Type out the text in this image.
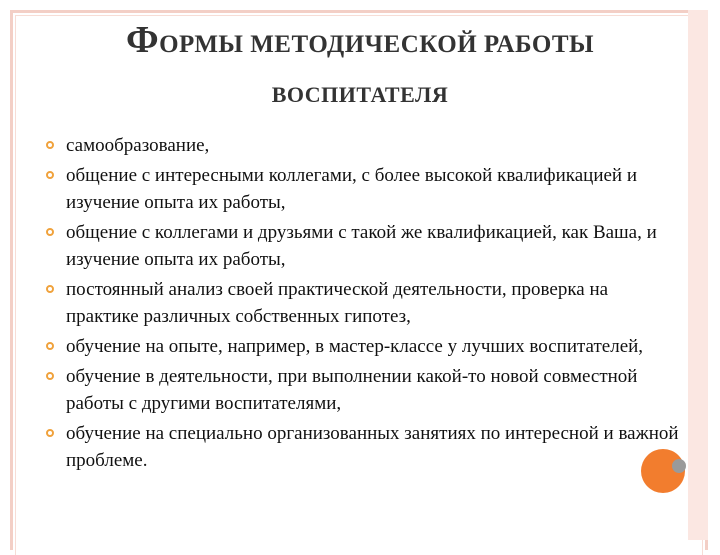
ФОРМЫ МЕТОДИЧЕСКОЙ РАБОТЫ
ВОСПИТАТЕЛЯ
самообразование,
общение с интересными коллегами, с более высокой квалификацией и изучение опыта их работы,
общение с коллегами и друзьями с такой же квалификацией, как Ваша, и изучение опыта их работы,
постоянный анализ своей практической деятельности, проверка на практике различных собственных гипотез,
обучение на опыте, например, в мастер-классе у лучших воспитателей,
обучение в деятельности, при выполнении какой-то новой совместной работы с другими воспитателями,
обучение на специально организованных занятиях по интересной и важной проблеме.
